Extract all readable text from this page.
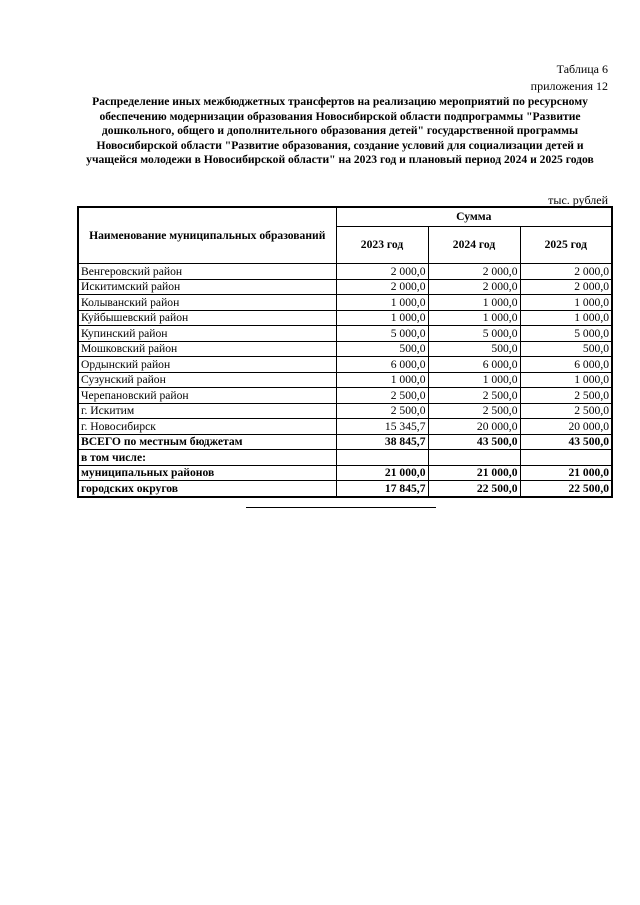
Таблица 6
приложения 12
Распределение иных межбюджетных трансфертов на реализацию мероприятий по ресурсному обеспечению модернизации образования Новосибирской области подпрограммы "Развитие дошкольного, общего и дополнительного образования детей" государственной программы Новосибирской области "Развитие образования, создание условий для социализации детей и учащейся молодежи в Новосибирской области" на 2023 год и плановый период 2024 и 2025 годов
тыс. рублей
Наименование муниципальных образований	Сумма		
	2023 год	2024 год	2025 год
Венгеровский район	2 000,0	2 000,0	2 000,0
Искитимский район	2 000,0	2 000,0	2 000,0
Колыванский район	1 000,0	1 000,0	1 000,0
Куйбышевский район	1 000,0	1 000,0	1 000,0
Купинский район	5 000,0	5 000,0	5 000,0
Мошковский район	500,0	500,0	500,0
Ордынский район	6 000,0	6 000,0	6 000,0
Сузунский район	1 000,0	1 000,0	1 000,0
Черепановский район	2 500,0	2 500,0	2 500,0
г. Искитим	2 500,0	2 500,0	2 500,0
г. Новосибирск	15 345,7	20 000,0	20 000,0
ВСЕГО по местным бюджетам	38 845,7	43 500,0	43 500,0
в том числе:			
муниципальных районов	21 000,0	21 000,0	21 000,0
городских округов	17 845,7	22 500,0	22 500,0
